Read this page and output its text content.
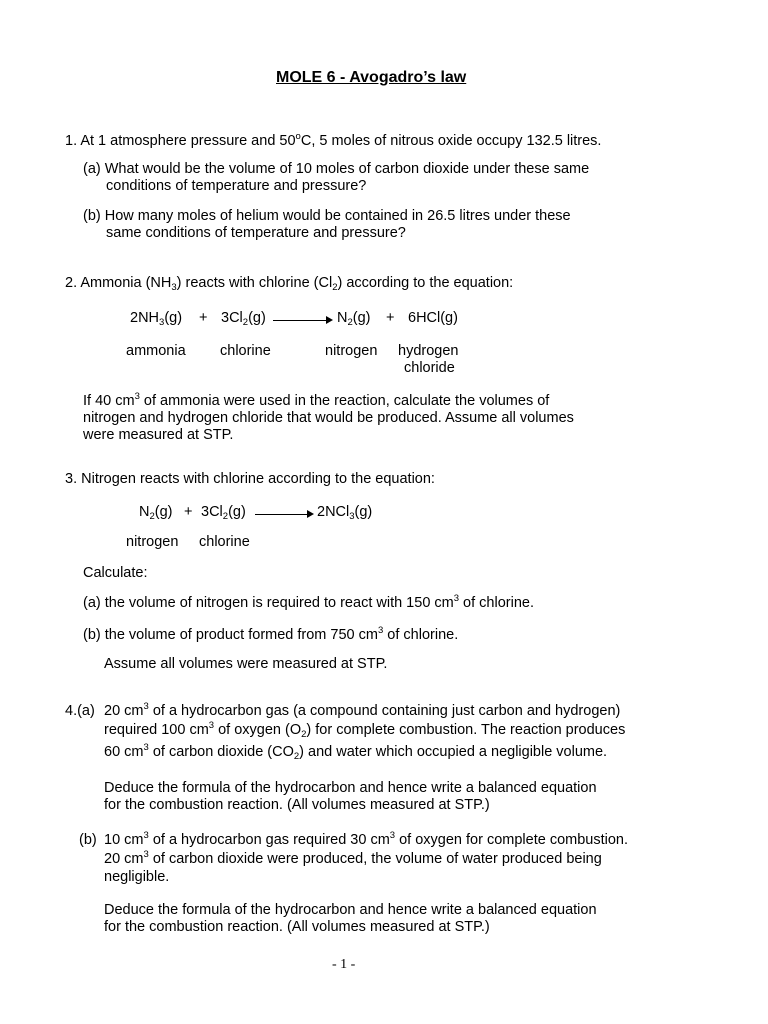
MOLE 6 - Avogadro’s law
1. At 1 atmosphere pressure and 50$^o$C, 5 moles of nitrous oxide occupy 132.5 litres.
(a) What would be the volume of 10 moles of carbon dioxide under these same
conditions of temperature and pressure?
(b) How many moles of helium would be contained in 26.5 litres under these
same conditions of temperature and pressure?
2. Ammonia $(NH_3)$ reacts with chlorine $(Cl_2)$ according to the equation:
$2NH_3(g) + 3Cl_2(g)$	$N_2(g) + 6HCl(g)$
ammonia chlorine	nitrogen hydrogen
chloride
If 40 $cm^3$ of ammonia were used in the reaction, calculate the volumes of
nitrogen and hydrogen chloride that would be produced. Assume all volumes
were measured at STP.
3. Nitrogen reacts with chlorine according to the equation:
$N_2(g) + 3Cl_2(g)$	2NCl$_3$(g)
nitrogen chlorine
Calculate:
(a) the volume of nitrogen is required to react with 150 $cm^3$ of chlorine.
(b) the volume of product formed from 750 $cm^3$ of chlorine.
Assume all volumes were measured at STP.
4.(a) 20 $cm^3$ of a hydrocarbon gas (a compound containing just carbon and hydrogen)
required 100 $cm^3$ of oxygen $(O_2)$ for complete combustion. The reaction produces
60 $cm^3$ of carbon dioxide $(CO_2)$ and water which occupied a negligible volume.
Deduce the formula of the hydrocarbon and hence write a balanced equation
for the combustion reaction. (All volumes measured at STP.)
(b) 10 $cm^3$ of a hydrocarbon gas required 30 $cm^3$ of oxygen for complete combustion.
20 $cm^3$ of carbon dioxide were produced, the volume of water produced being
negligible.
Deduce the formula of the hydrocarbon and hence write a balanced equation
for the combustion reaction. (All volumes measured at STP.)
- 1 -
